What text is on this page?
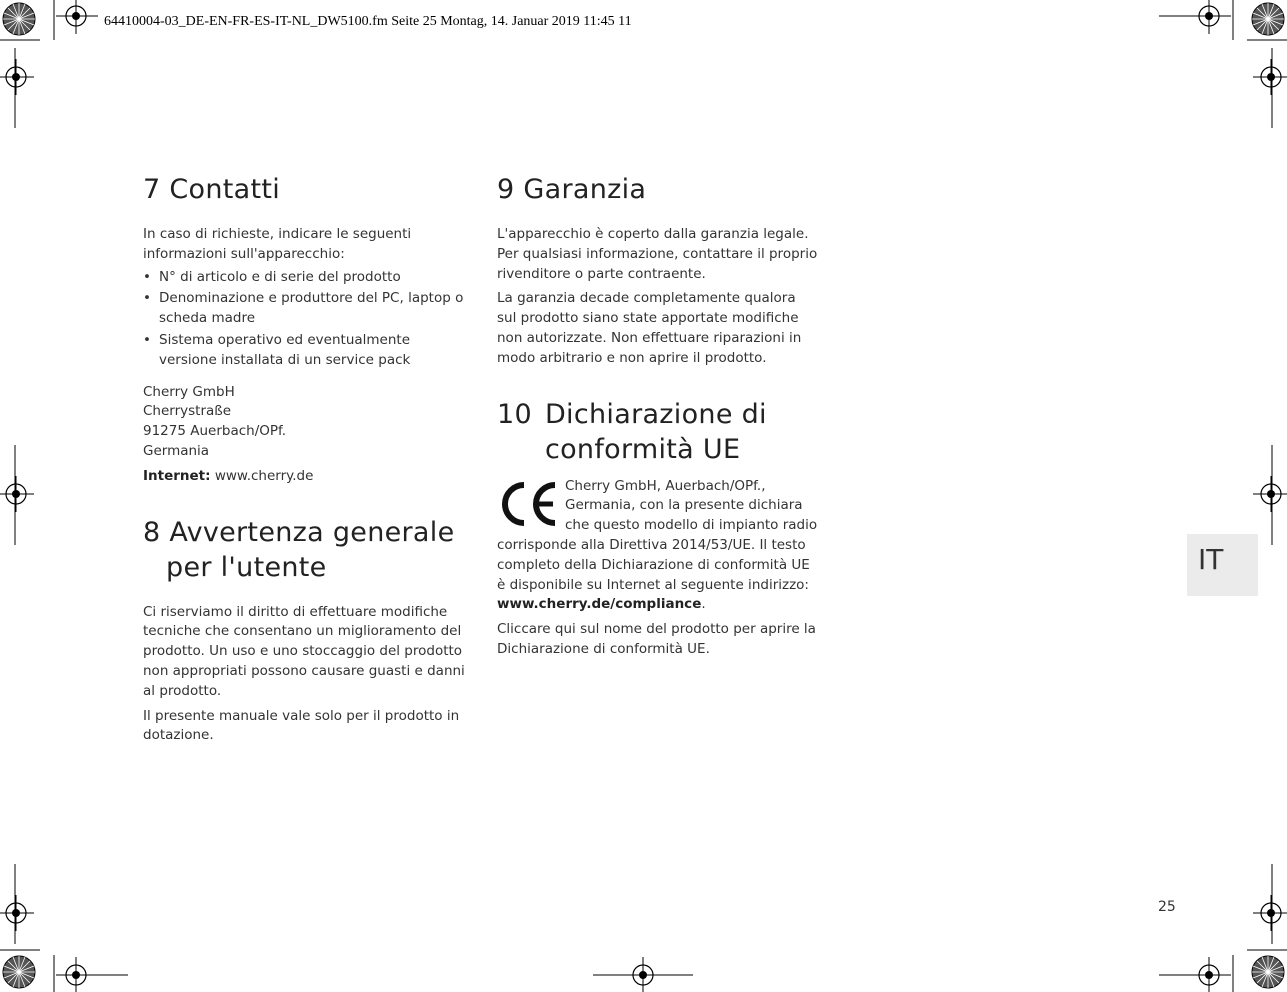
64410004-03_DE-EN-FR-ES-IT-NL_DW5100.fm Seite 25 Montag, 14. Januar 2019 11:45 11
7 Contatti

In caso di richieste, indicare le seguenti informazioni sull'apparecchio:

• N° di articolo e di serie del prodotto
• Denominazione e produttore del PC, laptop o scheda madre
• Sistema operativo ed eventualmente versione installata di un service pack

Cherry GmbH

Cherrystraße

91275 Auerbach/OPf.

Germania

Internet: www.cherry.de

8 Avvertenza generale
per l'utente

Ci riserviamo il diritto di effettuare modifiche tecniche che consentano un miglioramento del prodotto. Un uso e uno stoccaggio del prodotto non appropriati possono causare guasti e danni al prodotto.

Il presente manuale vale solo per il prodotto in dotazione.

9 Garanzia

L'apparecchio è coperto dalla garanzia legale. Per qualsiasi informazione, contattare il proprio rivenditore o parte contraente.

La garanzia decade completamente qualora sul prodotto siano state apportate modifiche non autorizzate. Non effettuare riparazioni in modo arbitrario e non aprire il prodotto.

10 Dichiarazione di
conformità UE

Cherry GmbH, Auerbach/OPf., Germania, con la presente dichiara che questo modello di impianto radio corrisponde alla Direttiva 2014/53/UE. Il testo completo della Dichiarazione di conformità UE è disponibile su Internet al seguente indirizzo: www.cherry.de/compliance.

Cliccare qui sul nome del prodotto per aprire la Dichiarazione di conformità UE.

IT
25
